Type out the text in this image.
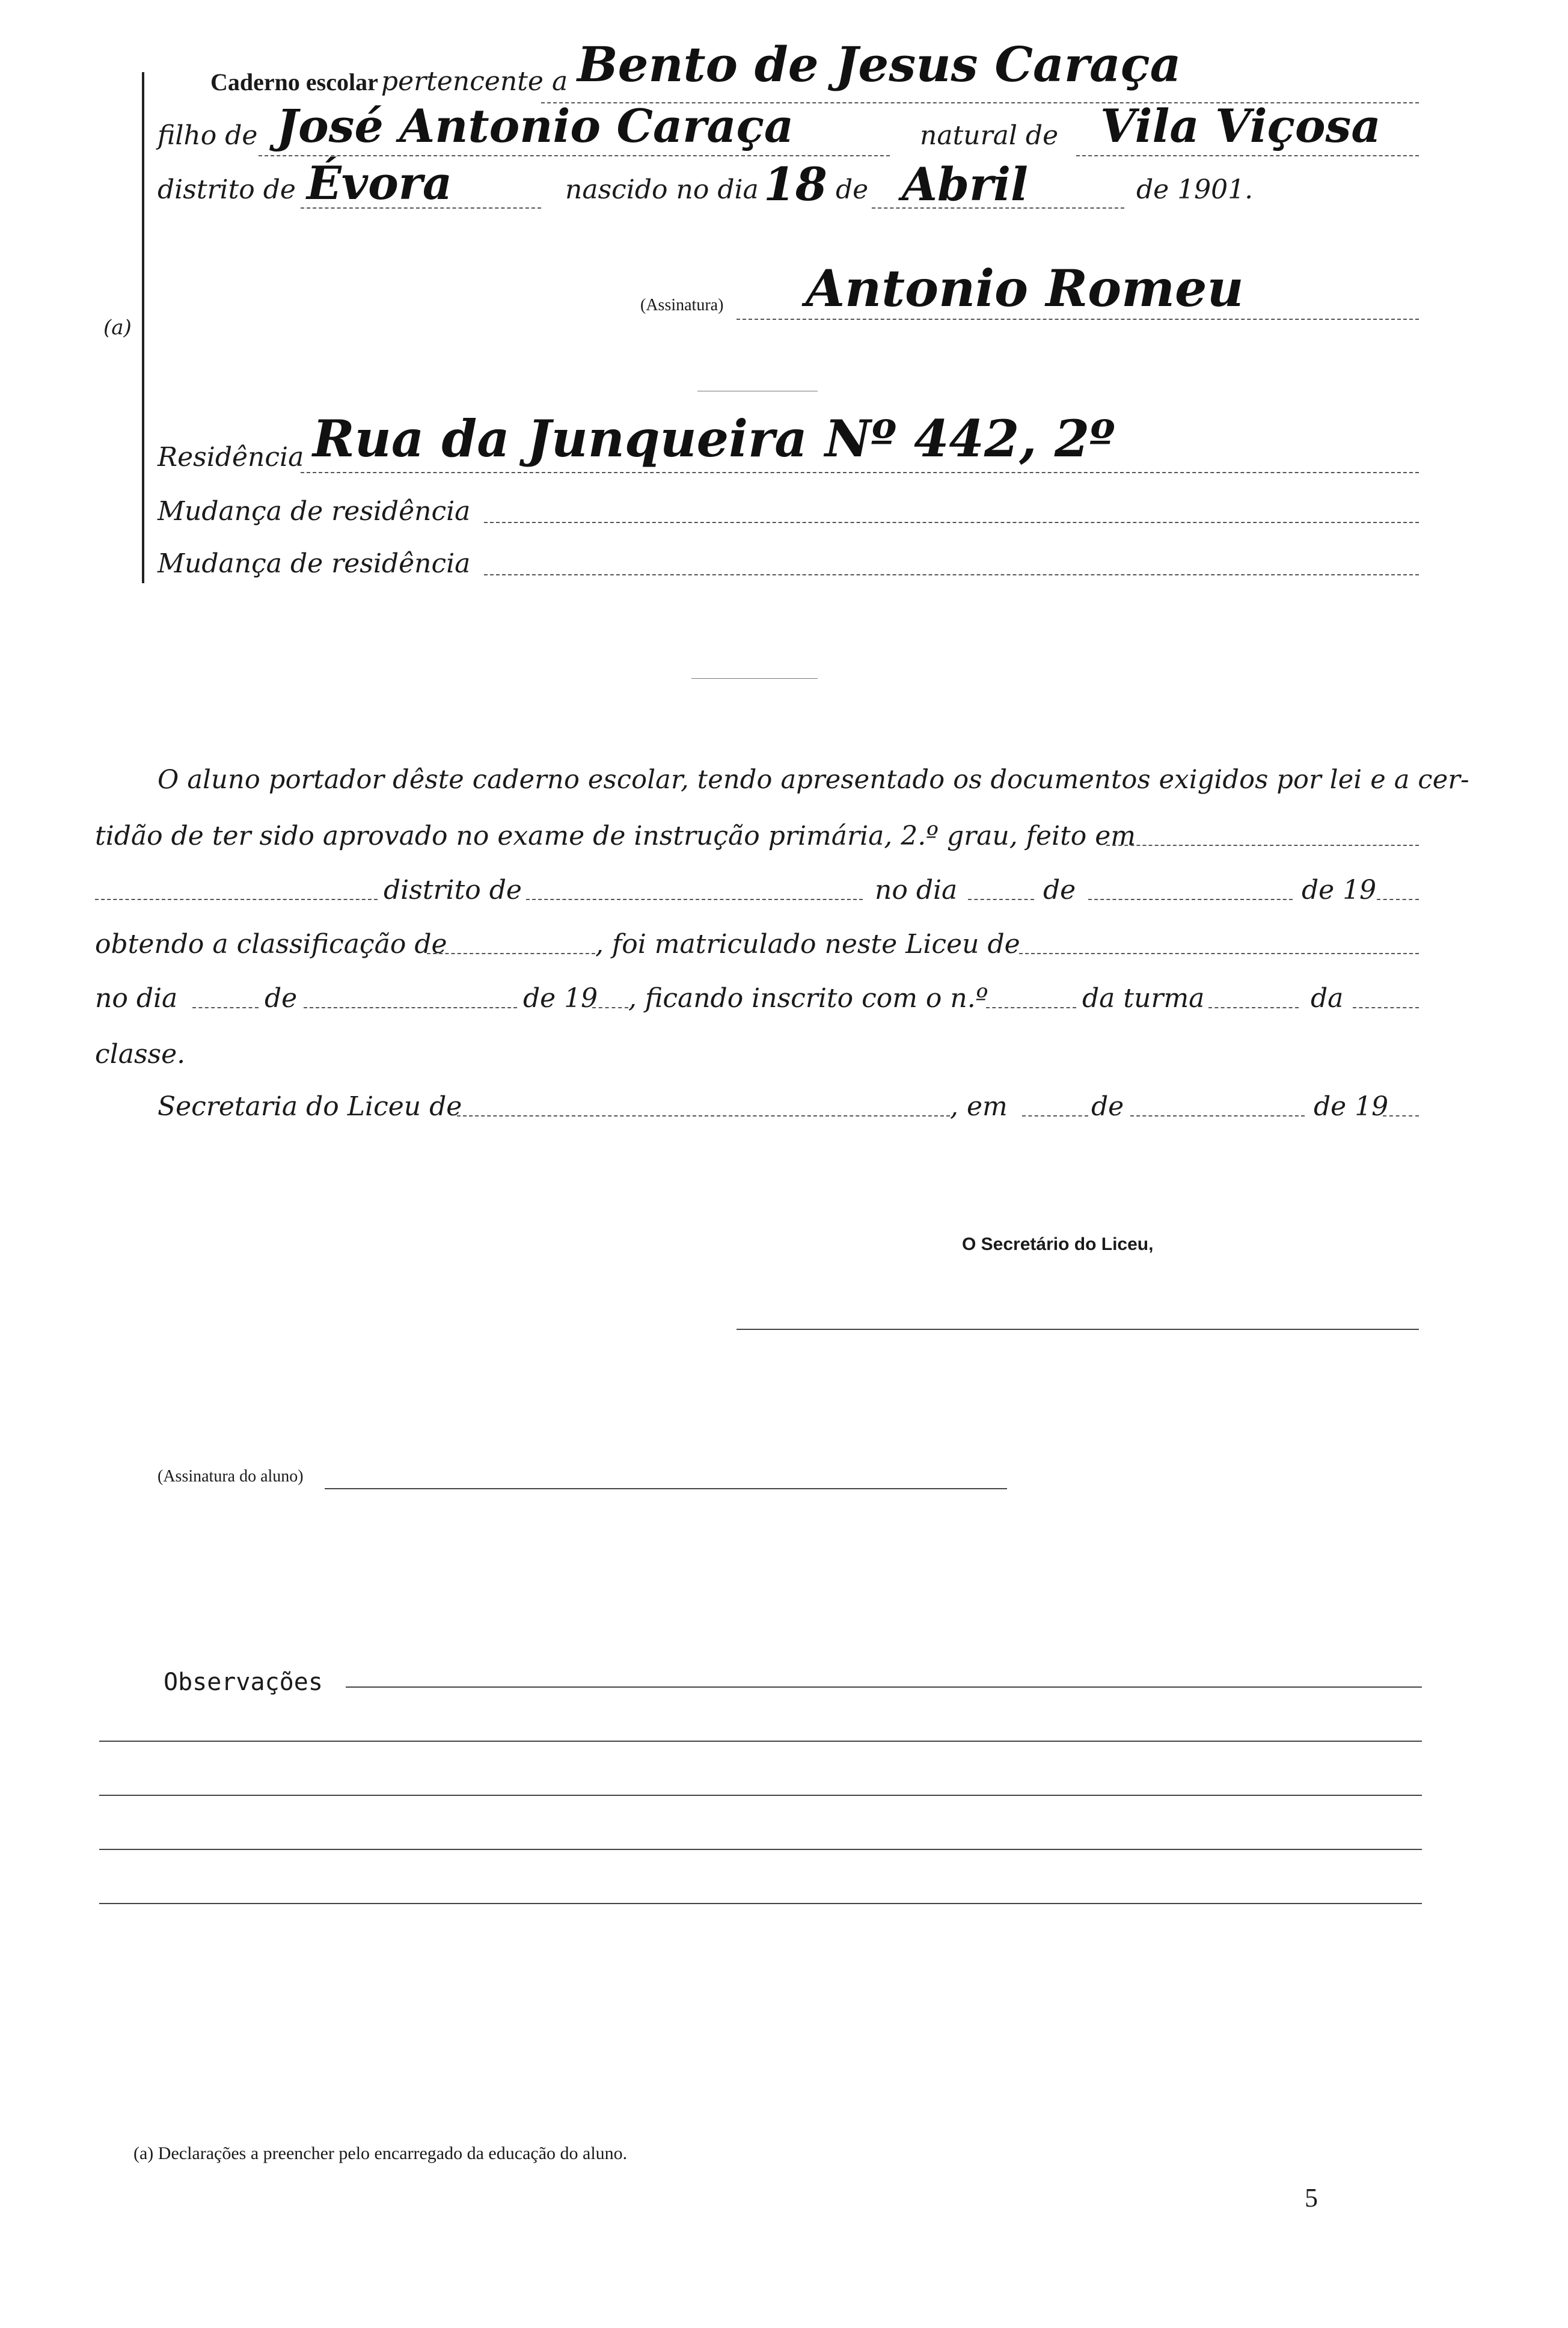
(a)
Caderno escolar pertencente a Bento de Jesus Caraça
filho de José Antonio Caraça	natural de Vila Viçosa
distrito de Évora	nascido no dia 18 de Abril	de 1901.
(Assinatura) Antonio Romeu
Residência Rua da Junqueira Nº 442, 2º
Mudança de residência
Mudança de residência
O aluno portador dêste caderno escolar, tendo apresentado os documentos exigidos por lei e a cer-
tidão de ter sido aprovado no exame de instrução primária, 2.º grau, feito em
distrito de	no dia	de	de 19
obtendo a classificação de	, foi matriculado neste Liceu de
no dia	de	de 19 , ficando inscrito com o n.º	da turma	da
classe.
Secretaria do Liceu de	, em	de	de 19
O Secretário do Liceu,
(Assinatura do aluno)
Observações
(a) Declarações a preencher pelo encarregado da educação do aluno.
5
